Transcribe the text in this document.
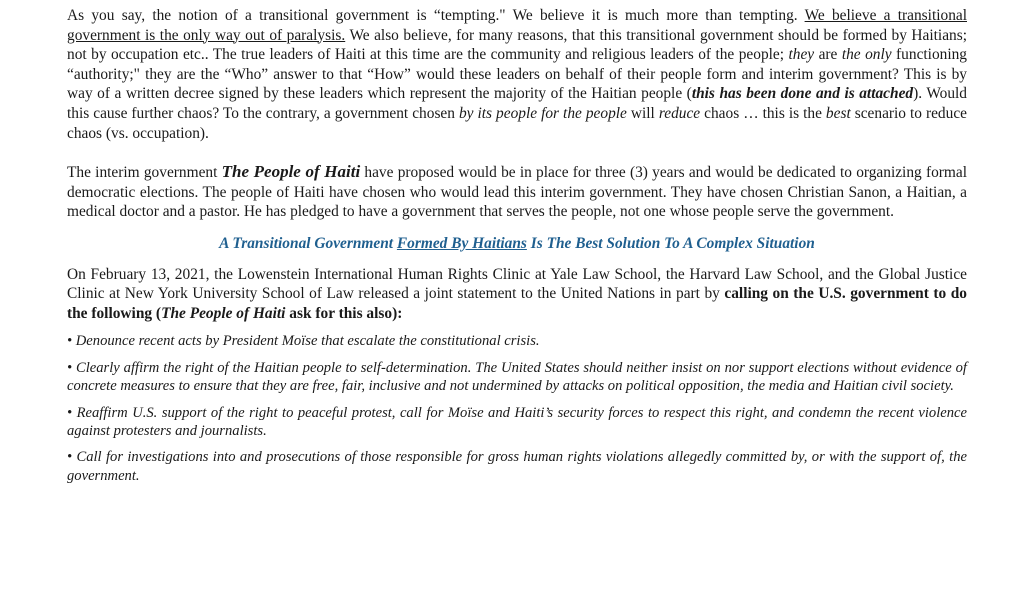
As you say, the notion of a transitional government is “tempting." We believe it is much more than tempting. We believe a transitional government is the only way out of paralysis. We also believe, for many reasons, that this transitional government should be formed by Haitians; not by occupation etc.. The true leaders of Haiti at this time are the community and religious leaders of the people; they are the only functioning “authority;" they are the “Who” answer to that “How” would these leaders on behalf of their people form and interim government? This is by way of a written decree signed by these leaders which represent the majority of the Haitian people (this has been done and is attached). Would this cause further chaos? To the contrary, a government chosen by its people for the people will reduce chaos … this is the best scenario to reduce chaos (vs. occupation).

The interim government The People of Haiti have proposed would be in place for three (3) years and would be dedicated to organizing formal democratic elections. The people of Haiti have chosen who would lead this interim government. They have chosen Christian Sanon, a Haitian, a medical doctor and a pastor. He has pledged to have a government that serves the people, not one whose people serve the government.

A Transitional Government Formed By Haitians Is The Best Solution To A Complex Situation

On February 13, 2021, the Lowenstein International Human Rights Clinic at Yale Law School, the Harvard Law School, and the Global Justice Clinic at New York University School of Law released a joint statement to the United Nations in part by calling on the U.S. government to do the following (The People of Haiti ask for this also):

• Denounce recent acts by President Moïse that escalate the constitutional crisis.

• Clearly affirm the right of the Haitian people to self-determination. The United States should neither insist on nor support elections without evidence of concrete measures to ensure that they are free, fair, inclusive and not undermined by attacks on political opposition, the media and Haitian civil society.

• Reaffirm U.S. support of the right to peaceful protest, call for Moïse and Haiti’s security forces to respect this right, and condemn the recent violence against protesters and journalists.

• Call for investigations into and prosecutions of those responsible for gross human rights violations allegedly committed by, or with the support of, the government.
